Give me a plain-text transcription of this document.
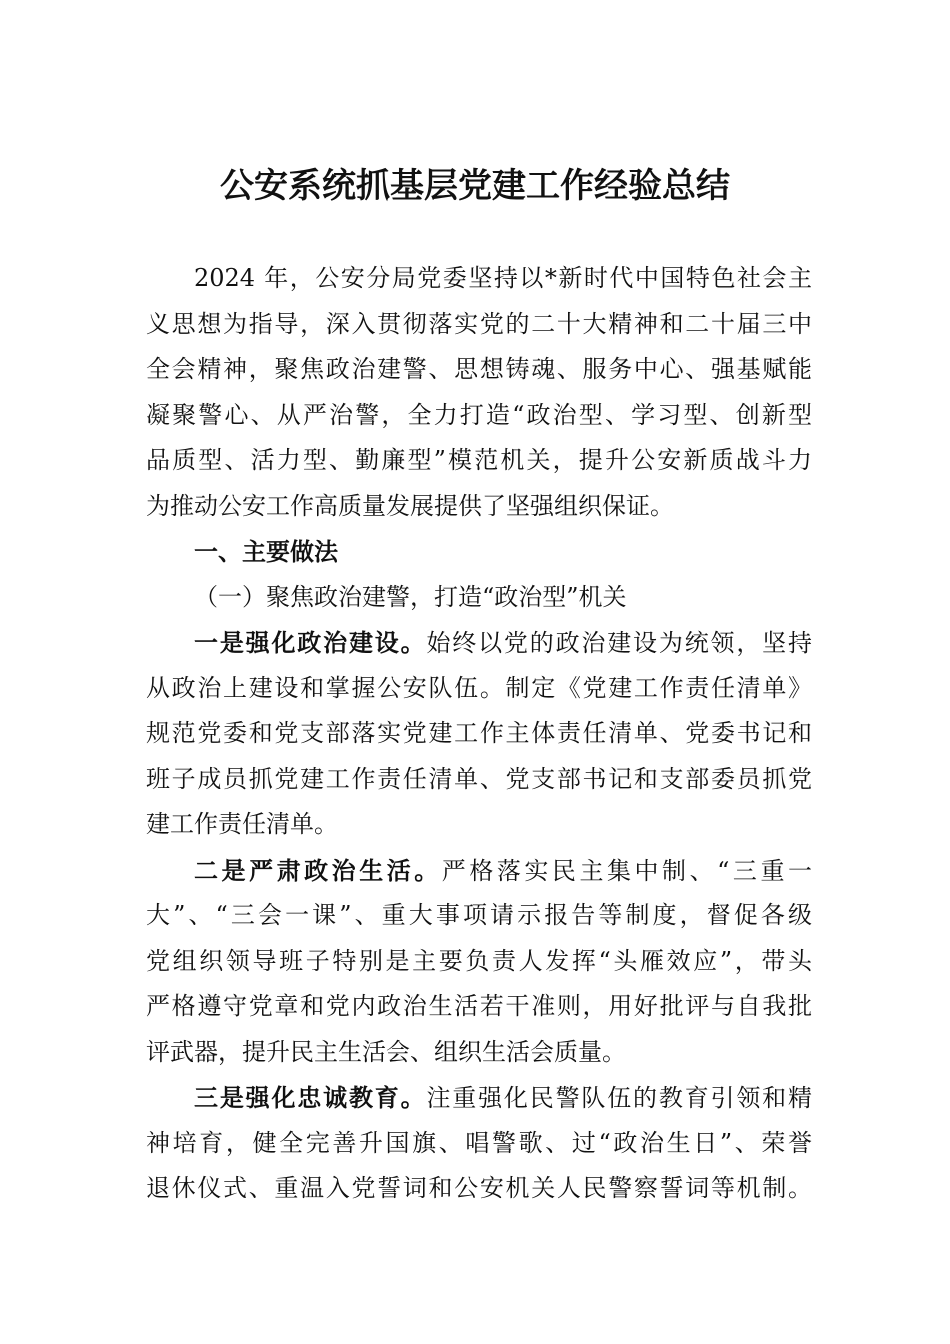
公安系统抓基层党建工作经验总结
2024 年，公安分局党委坚持以*新时代中国特色社会主
义思想为指导，深入贯彻落实党的二十大精神和二十届三中
全会精神，聚焦政治建警、思想铸魂、服务中心、强基赋能
凝聚警心、从严治警，全力打造“政治型、学习型、创新型
品质型、活力型、勤廉型”模范机关，提升公安新质战斗力
为推动公安工作高质量发展提供了坚强组织保证。
一、主要做法
（一）聚焦政治建警，打造“政治型”机关
一是强化政治建设。始终以党的政治建设为统领，坚持
从政治上建设和掌握公安队伍。制定《党建工作责任清单》
规范党委和党支部落实党建工作主体责任清单、党委书记和
班子成员抓党建工作责任清单、党支部书记和支部委员抓党
建工作责任清单。
二是严肃政治生活。严格落实民主集中制、“三重一
大”、“三会一课”、重大事项请示报告等制度，督促各级
党组织领导班子特别是主要负责人发挥“头雁效应”，带头
严格遵守党章和党内政治生活若干准则，用好批评与自我批
评武器，提升民主生活会、组织生活会质量。
三是强化忠诚教育。注重强化民警队伍的教育引领和精
神培育，健全完善升国旗、唱警歌、过“政治生日”、荣誉
退休仪式、重温入党誓词和公安机关人民警察誓词等机制。
